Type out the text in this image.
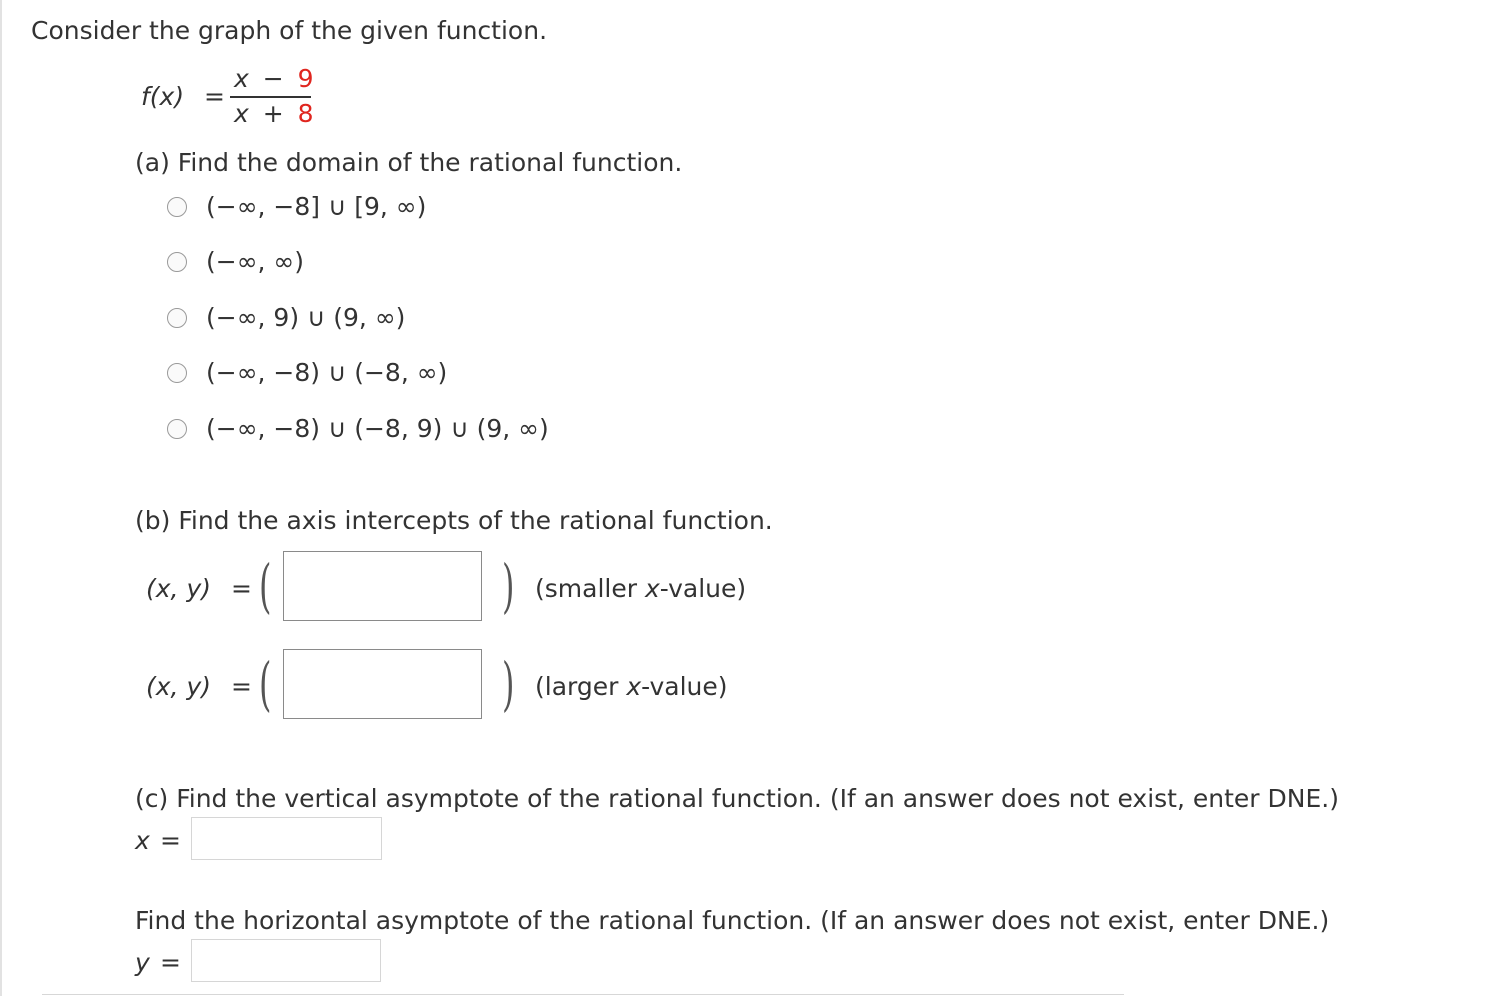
Consider the graph of the given function.
f(x) =
x − 9
x + 8
(a) Find the domain of the rational function.
(−∞, −8] ∪ [9, ∞)
(−∞, ∞)
(−∞, 9) ∪ (9, ∞)
(−∞, −8) ∪ (−8, ∞)
(−∞, −8) ∪ (−8, 9) ∪ (9, ∞)
(b) Find the axis intercepts of the rational function.
(x, y) = (	) (smaller x-value)
(x, y) = (	) (larger x-value)
(c) Find the vertical asymptote of the rational function. (If an answer does not exist, enter DNE.)
x =
Find the horizontal asymptote of the rational function. (If an answer does not exist, enter DNE.)
y =
